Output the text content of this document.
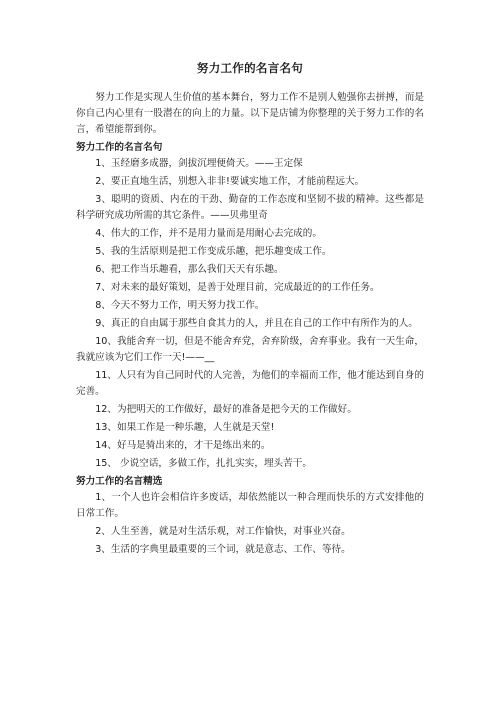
努力工作的名言名句

努力工作是实现人生价值的基本舞台，努力工作不是别人勉强你去拼搏，而是你自己内心里有一股潜在的向上的力量。以下是店铺为你整理的关于努力工作的名言，希望能帮到你。

努力工作的名言名句

1、玉经磨多成器，剑拔沉埋便倚天。——王定保

2、要正直地生活，别想入非非!要诚实地工作，才能前程远大。

3、聪明的资质、内在的干劲、勤奋的工作态度和坚韧不拔的精神。这些都是科学研究成功所需的其它条件。——贝弗里奇

4、伟大的工作，并不是用力量而是用耐心去完成的。

5、我的生活原则是把工作变成乐趣，把乐趣变成工作。

6、把工作当乐趣看，那么我们天天有乐趣。

7、对未来的最好策划，是善于处理目前，完成最近的的工作任务。

8、今天不努力工作，明天努力找工作。

9、真正的自由属于那些自食其力的人，并且在自己的工作中有所作为的人。

10、我能舍弃一切，但是不能舍弃党，舍弃阶级，舍弃事业。我有一天生命，我就应该为它们工作一天!——__

11、人只有为自己同时代的人完善，为他们的幸福而工作，他才能达到自身的完善。

12、为把明天的工作做好，最好的准备是把今天的工作做好。

13、如果工作是一种乐趣，人生就是天堂!

14、好马是骑出来的，才干是练出来的。

15、 少说空话，多做工作，扎扎实实，埋头苦干。

努力工作的名言精选

1、一个人也许会相信许多废话，却依然能以一种合理而快乐的方式安排他的日常工作。

2、人生至善，就是对生活乐观，对工作愉快，对事业兴奋。

3、生活的字典里最重要的三个词，就是意志、工作、等待。
